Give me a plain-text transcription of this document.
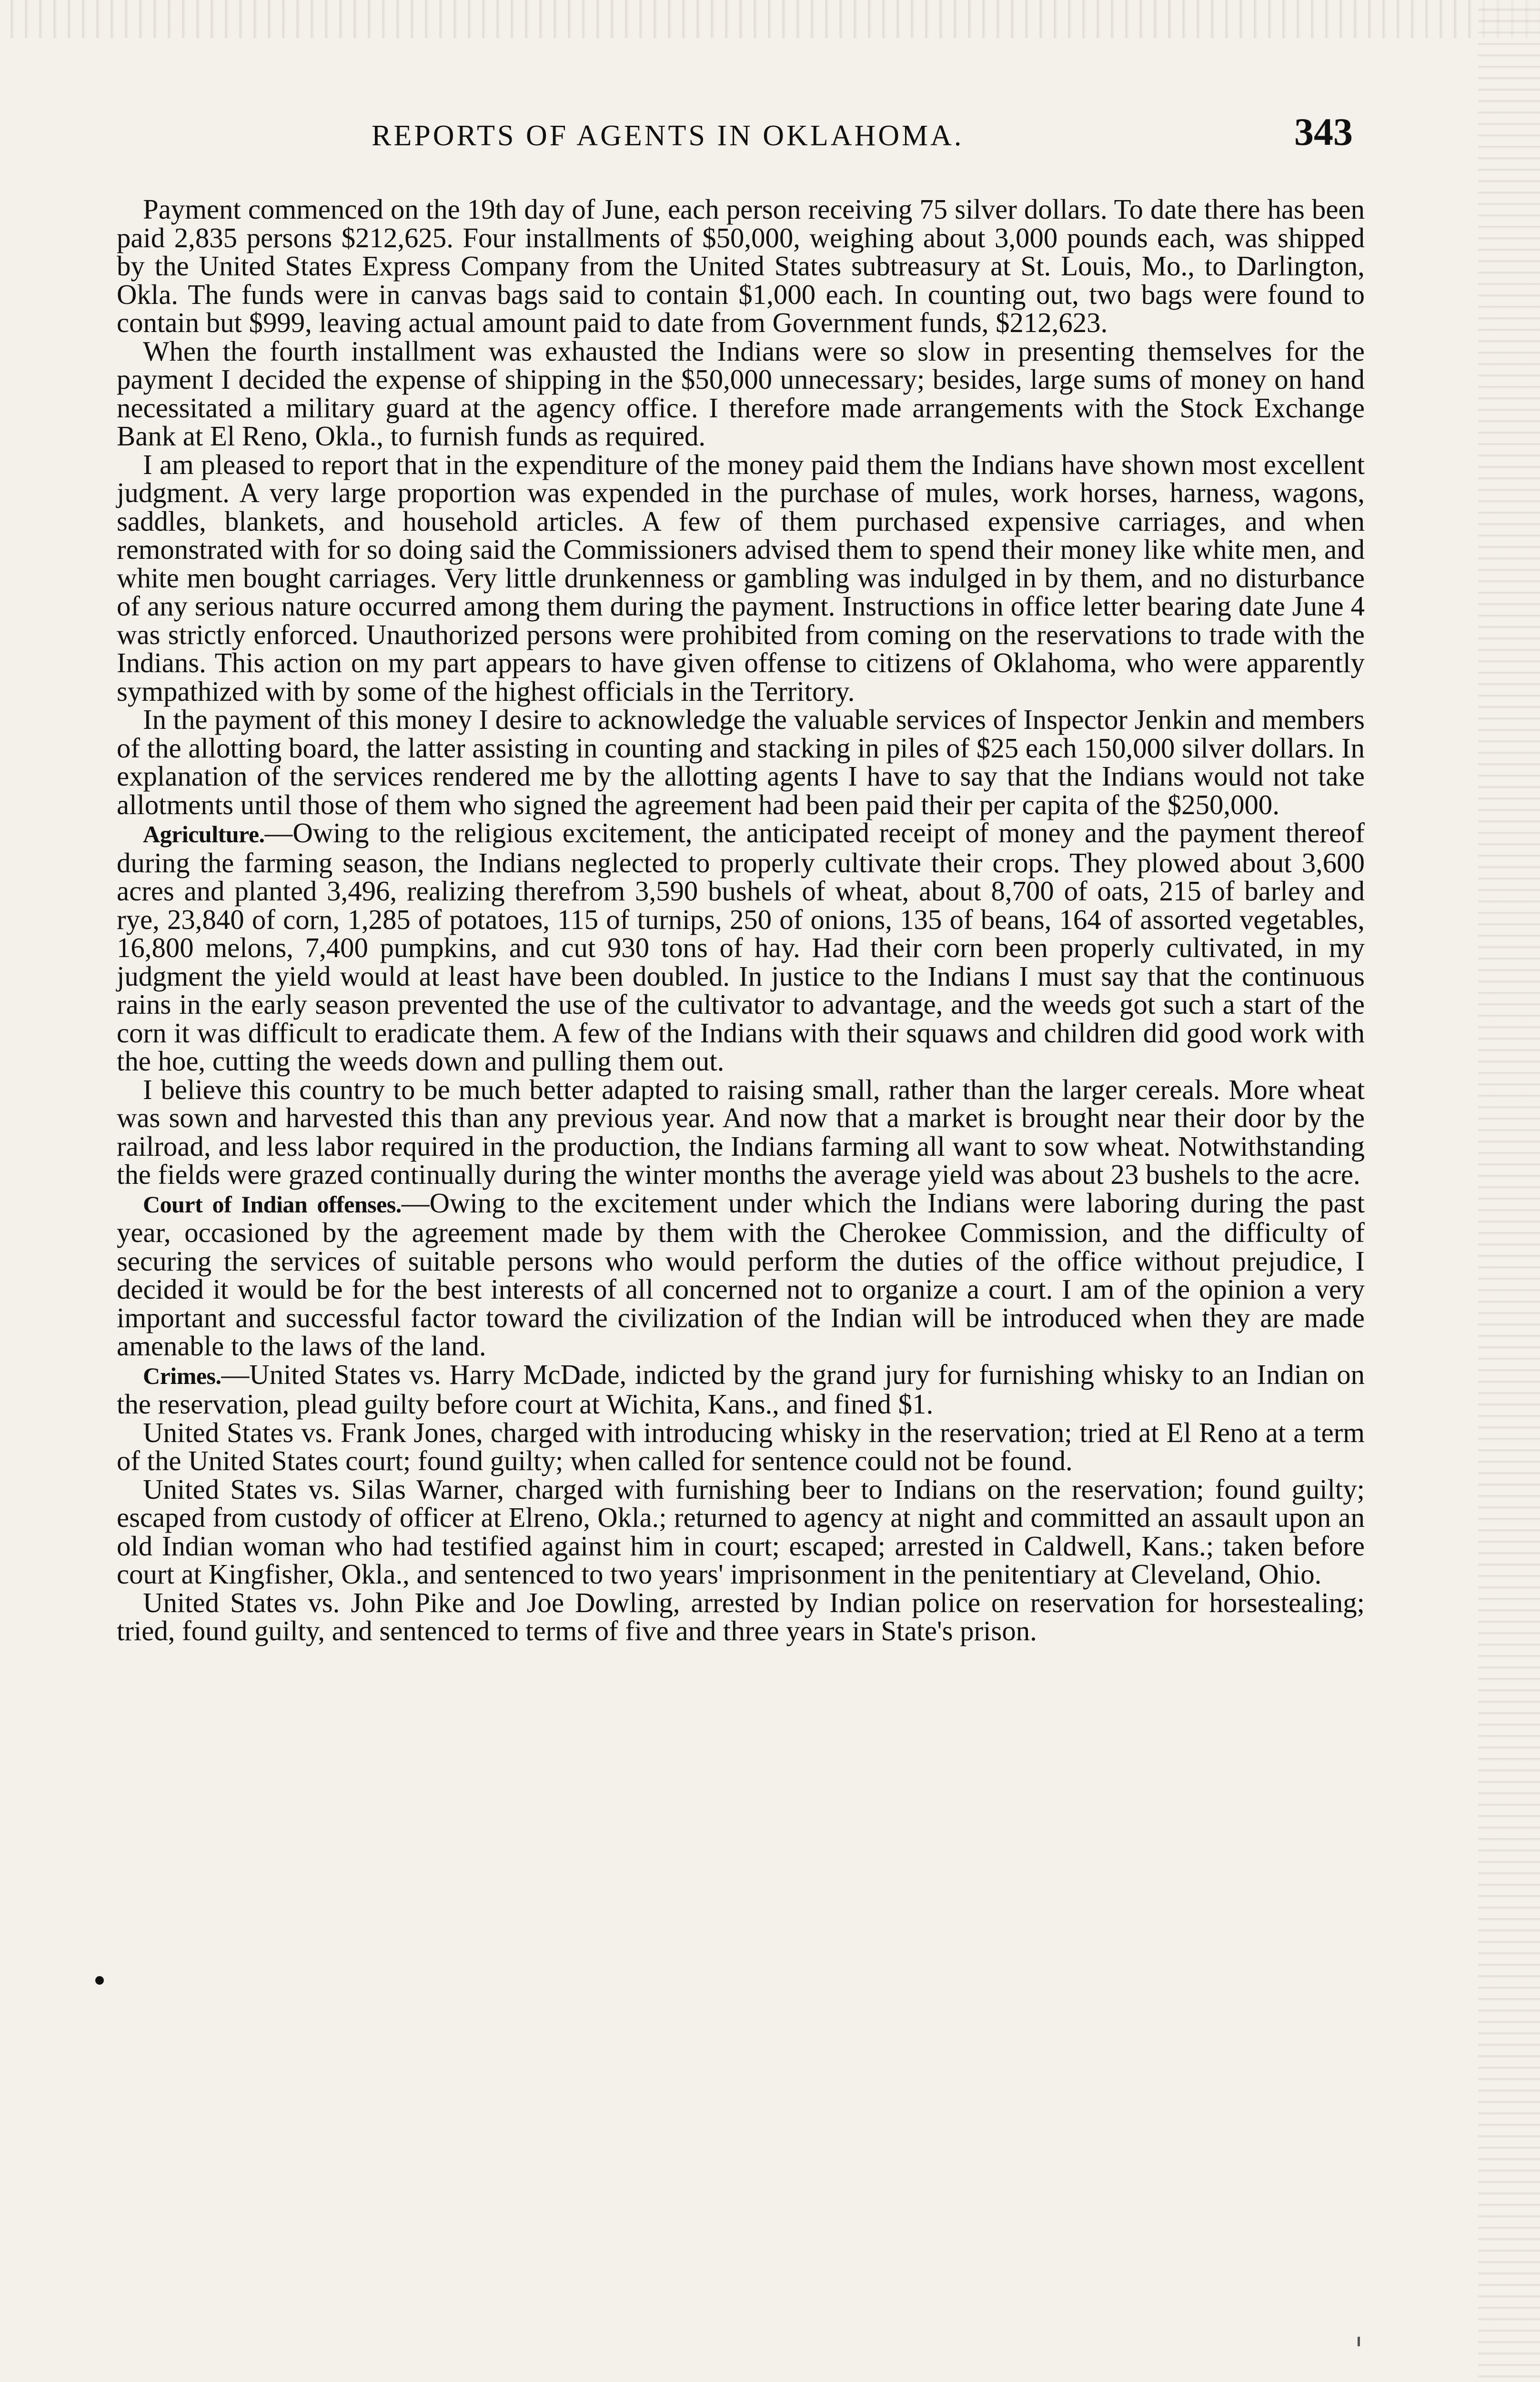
REPORTS OF AGENTS IN OKLAHOMA.	343

Payment commenced on the 19th day of June, each person receiving 75 silver dollars. To date there has been paid 2,835 persons $212,625. Four installments of $50,000, weighing about 3,000 pounds each, was shipped by the United States Express Company from the United States subtreasury at St. Louis, Mo., to Darlington, Okla. The funds were in canvas bags said to contain $1,000 each. In counting out, two bags were found to contain but $999, leaving actual amount paid to date from Government funds, $212,623.

When the fourth installment was exhausted the Indians were so slow in presenting themselves for the payment I decided the expense of shipping in the $50,000 unnecessary; besides, large sums of money on hand necessitated a military guard at the agency office. I therefore made arrangements with the Stock Exchange Bank at El Reno, Okla., to furnish funds as required.

I am pleased to report that in the expenditure of the money paid them the Indians have shown most excellent judgment. A very large proportion was expended in the purchase of mules, work horses, harness, wagons, saddles, blankets, and household articles. A few of them purchased expensive carriages, and when remonstrated with for so doing said the Commissioners advised them to spend their money like white men, and white men bought carriages. Very little drunkenness or gambling was indulged in by them, and no disturbance of any serious nature occurred among them during the payment. Instructions in office letter bearing date June 4 was strictly enforced. Unauthorized persons were prohibited from coming on the reservations to trade with the Indians. This action on my part appears to have given offense to citizens of Oklahoma, who were apparently sympathized with by some of the highest officials in the Territory.

In the payment of this money I desire to acknowledge the valuable services of Inspector Jenkin and members of the allotting board, the latter assisting in counting and stacking in piles of $25 each 150,000 silver dollars. In explanation of the services rendered me by the allotting agents I have to say that the Indians would not take allotments until those of them who signed the agreement had been paid their per capita of the $250,000.

Agriculture.—Owing to the religious excitement, the anticipated receipt of money and the payment thereof during the farming season, the Indians neglected to properly cultivate their crops. They plowed about 3,600 acres and planted 3,496, realizing therefrom 3,590 bushels of wheat, about 8,700 of oats, 215 of barley and rye, 23,840 of corn, 1,285 of potatoes, 115 of turnips, 250 of onions, 135 of beans, 164 of assorted vegetables, 16,800 melons, 7,400 pumpkins, and cut 930 tons of hay. Had their corn been properly cultivated, in my judgment the yield would at least have been doubled. In justice to the Indians I must say that the continuous rains in the early season prevented the use of the cultivator to advantage, and the weeds got such a start of the corn it was difficult to eradicate them. A few of the Indians with their squaws and children did good work with the hoe, cutting the weeds down and pulling them out.

I believe this country to be much better adapted to raising small, rather than the larger cereals. More wheat was sown and harvested this than any previous year. And now that a market is brought near their door by the railroad, and less labor required in the production, the Indians farming all want to sow wheat. Notwithstanding the fields were grazed continually during the winter months the average yield was about 23 bushels to the acre.

Court of Indian offenses.—Owing to the excitement under which the Indians were laboring during the past year, occasioned by the agreement made by them with the Cherokee Commission, and the difficulty of securing the services of suitable persons who would perform the duties of the office without prejudice, I decided it would be for the best interests of all concerned not to organize a court. I am of the opinion a very important and successful factor toward the civilization of the Indian will be introduced when they are made amenable to the laws of the land.

Crimes.—United States vs. Harry McDade, indicted by the grand jury for furnishing whisky to an Indian on the reservation, plead guilty before court at Wichita, Kans., and fined $1.

United States vs. Frank Jones, charged with introducing whisky in the reservation; tried at El Reno at a term of the United States court; found guilty; when called for sentence could not be found.

United States vs. Silas Warner, charged with furnishing beer to Indians on the reservation; found guilty; escaped from custody of officer at Elreno, Okla.; returned to agency at night and committed an assault upon an old Indian woman who had testified against him in court; escaped; arrested in Caldwell, Kans.; taken before court at Kingfisher, Okla., and sentenced to two years' imprisonment in the penitentiary at Cleveland, Ohio.

United States vs. John Pike and Joe Dowling, arrested by Indian police on reservation for horsestealing; tried, found guilty, and sentenced to terms of five and three years in State's prison.
